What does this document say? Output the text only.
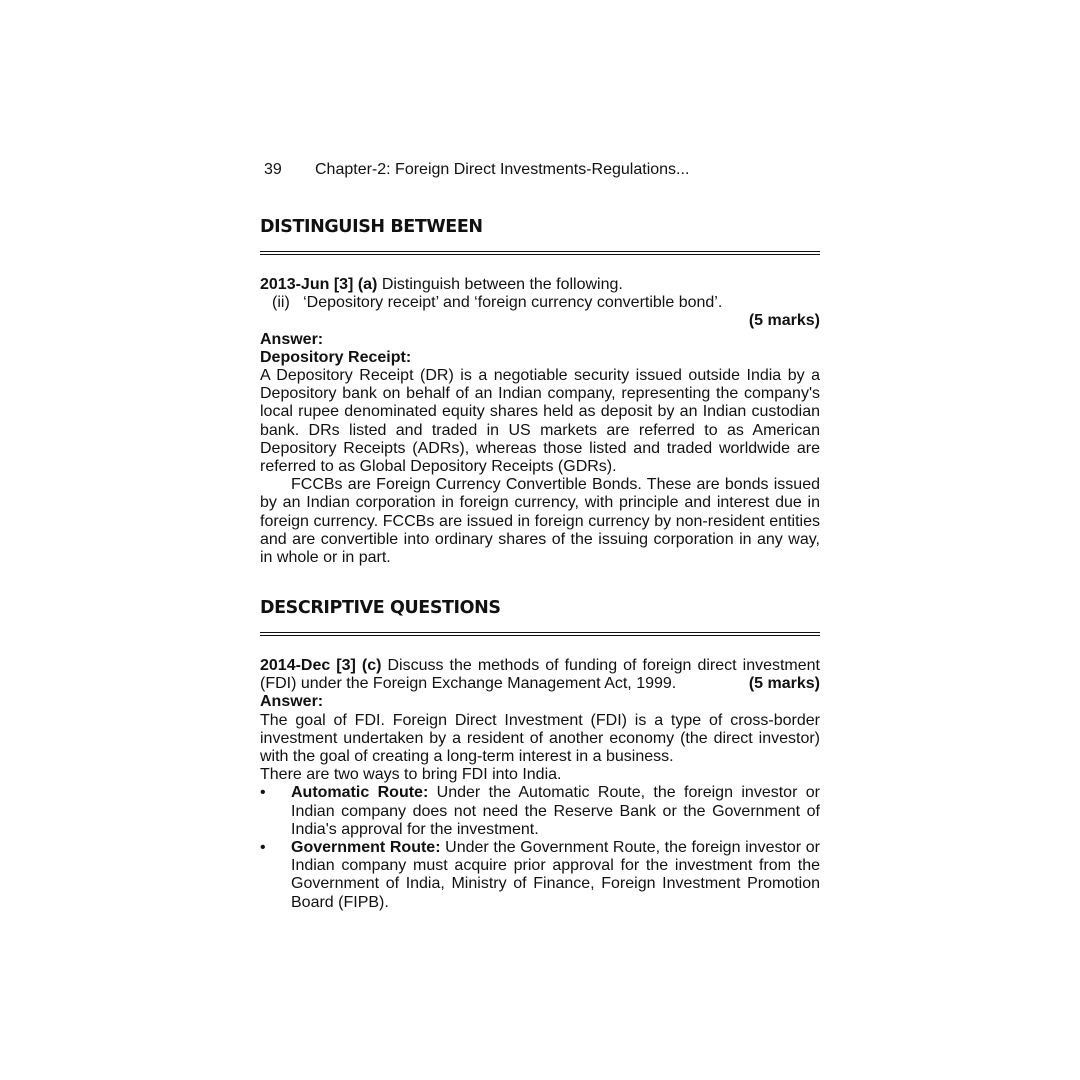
39 Chapter-2: Foreign Direct Investments-Regulations...
DISTINGUISH BETWEEN

2013-Jun [3] (a) Distinguish between the following.

(ii) ‘Depository receipt’ and ‘foreign currency convertible bond’.

(5 marks)

Answer:

Depository Receipt:

A Depository Receipt (DR) is a negotiable security issued outside India by a Depository bank on behalf of an Indian company, representing the company's local rupee denominated equity shares held as deposit by an Indian custodian bank. DRs listed and traded in US markets are referred to as American Depository Receipts (ADRs), whereas those listed and traded worldwide are referred to as Global Depository Receipts (GDRs).

FCCBs are Foreign Currency Convertible Bonds. These are bonds issued by an Indian corporation in foreign currency, with principle and interest due in foreign currency. FCCBs are issued in foreign currency by non-resident entities and are convertible into ordinary shares of the issuing corporation in any way, in whole or in part.

DESCRIPTIVE QUESTIONS

2014-Dec [3] (c) Discuss the methods of funding of foreign direct investment (FDI) under the Foreign Exchange Management Act, 1999.	(5 marks)

Answer:

The goal of FDI. Foreign Direct Investment (FDI) is a type of cross-border investment undertaken by a resident of another economy (the direct investor) with the goal of creating a long-term interest in a business.

There are two ways to bring FDI into India.

• Automatic Route: Under the Automatic Route, the foreign investor or Indian company does not need the Reserve Bank or the Government of India's approval for the investment.
• Government Route: Under the Government Route, the foreign investor or Indian company must acquire prior approval for the investment from the Government of India, Ministry of Finance, Foreign Investment Promotion Board (FIPB).
